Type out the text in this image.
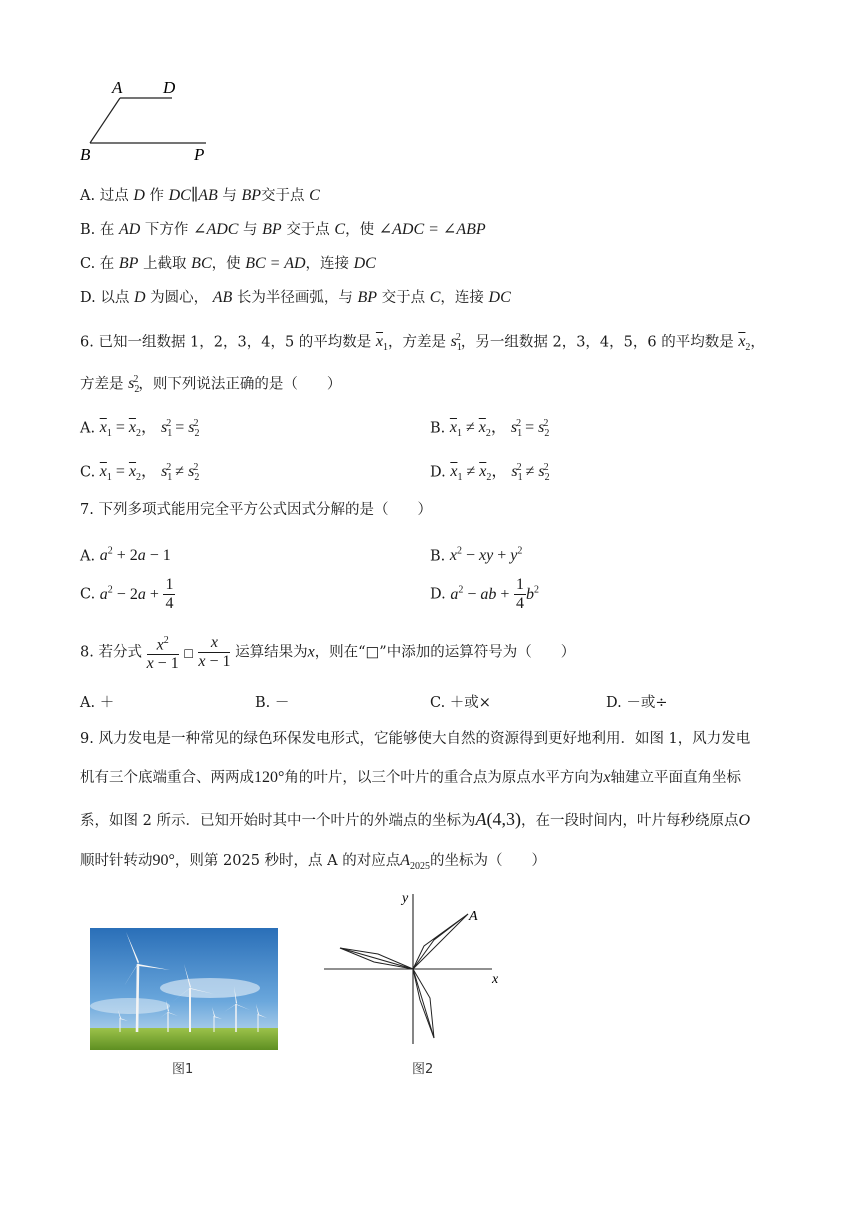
A D
B	P
A. 过点 D 作 DC∥AB 与 BP交于点 C
B. 在 AD 下方作 ∠ADC 与 BP 交于点 C，使 ∠ADC = ∠ABP
C. 在 BP 上截取 BC，使 BC = AD，连接 DC
D. 以点 D 为圆心， AB 长为半径画弧，与 BP 交于点 C，连接 DC
6. 已知一组数据 1，2，3，4，5 的平均数是 $\overline{x}_1$，方差是 $s_1^2$，另一组数据 2，3，4，5，6 的平均数是 $\overline{x}_2$，
方差是 $s_2^2$，则下列说法正确的是（　　）
A. $\overline{x}_1 = \overline{x}_2$， $s_1^2 = s_2^2$	B. $\overline{x}_1 \ne \overline{x}_2$， $s_1^2 = s_2^2$
C. $\overline{x}_1 = \overline{x}_2$， $s_1^2 \ne s_2^2$	D. $\overline{x}_1 \ne \overline{x}_2$， $s_1^2 \ne s_2^2$
7. 下列多项式能用完全平方公式因式分解的是（　　）
A. $a^2 + 2a - 1$	B. $x^2$ − xy + $y^2$
C. $a^2 - 2a + \frac{1}{4}$	D. $a^2$ − ab + $\frac{1}{4} b^2$
8. 若分式 $\frac{x^2}{x - 1}$ □ $\frac{x}{x - 1}$ 运算结果为x，则在“□”中添加的运算符号为（　　）
A. ＋	B. －	C. ＋或×	D. －或÷
9. 风力发电是一种常见的绿色环保发电形式，它能够使大自然的资源得到更好地利用．如图 1，风力发电
机有三个底端重合、两两成120°角的叶片，以三个叶片的重合点为原点水平方向为x轴建立平面直角坐标
系，如图 2 所示．已知开始时其中一个叶片的外端点的坐标为A(4,3)，在一段时间内，叶片每秒绕原点O
顺时针转动90°，则第 2025 秒时，点 A 的对应点$A_{2025}$的坐标为（　　）
图1
y
x
A
图2
